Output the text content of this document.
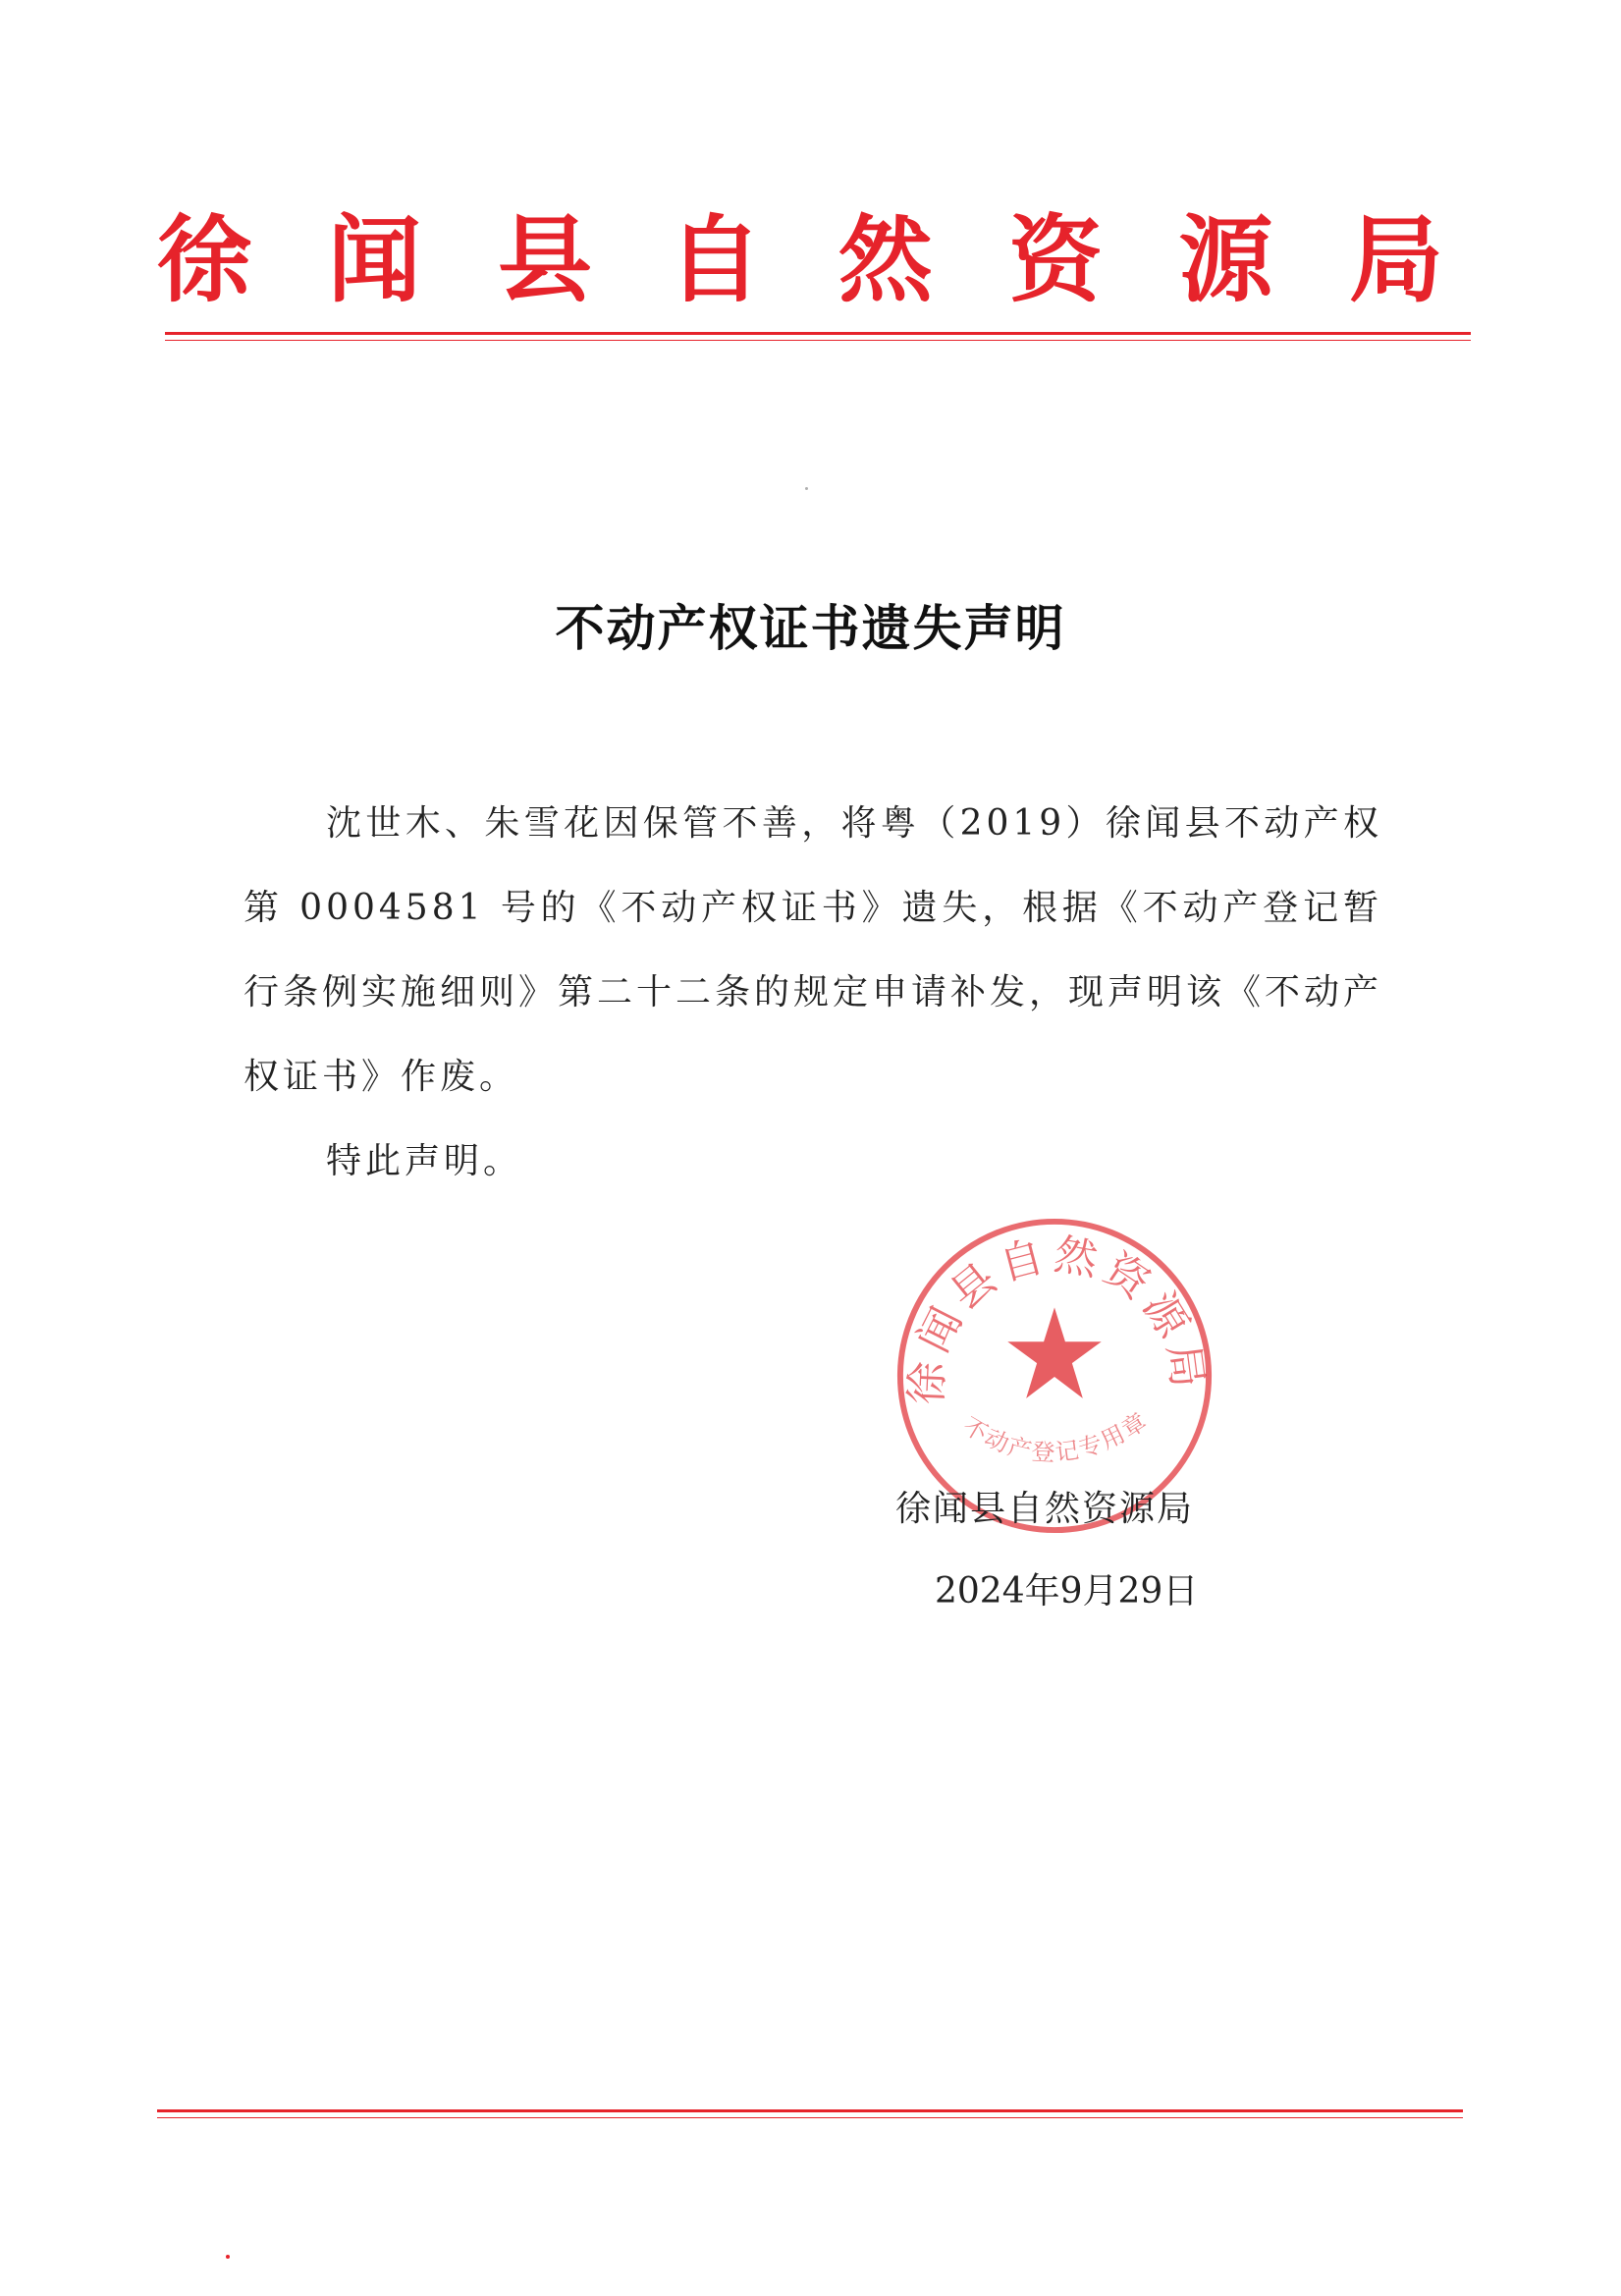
徐 闻 县 自 然 资 源 局
不动产权证书遗失声明

沈世木、朱雪花因保管不善，将粤（2019）徐闻县不动产权第 0004581 号的《不动产权证书》遗失，根据《不动产登记暂行条例实施细则》第二十二条的规定申请补发，现声明该《不动产权证书》作废。

特此声明。

徐闻县自然资源局
不动产登记专用章
徐闻县自然资源局
2024年9月29日
